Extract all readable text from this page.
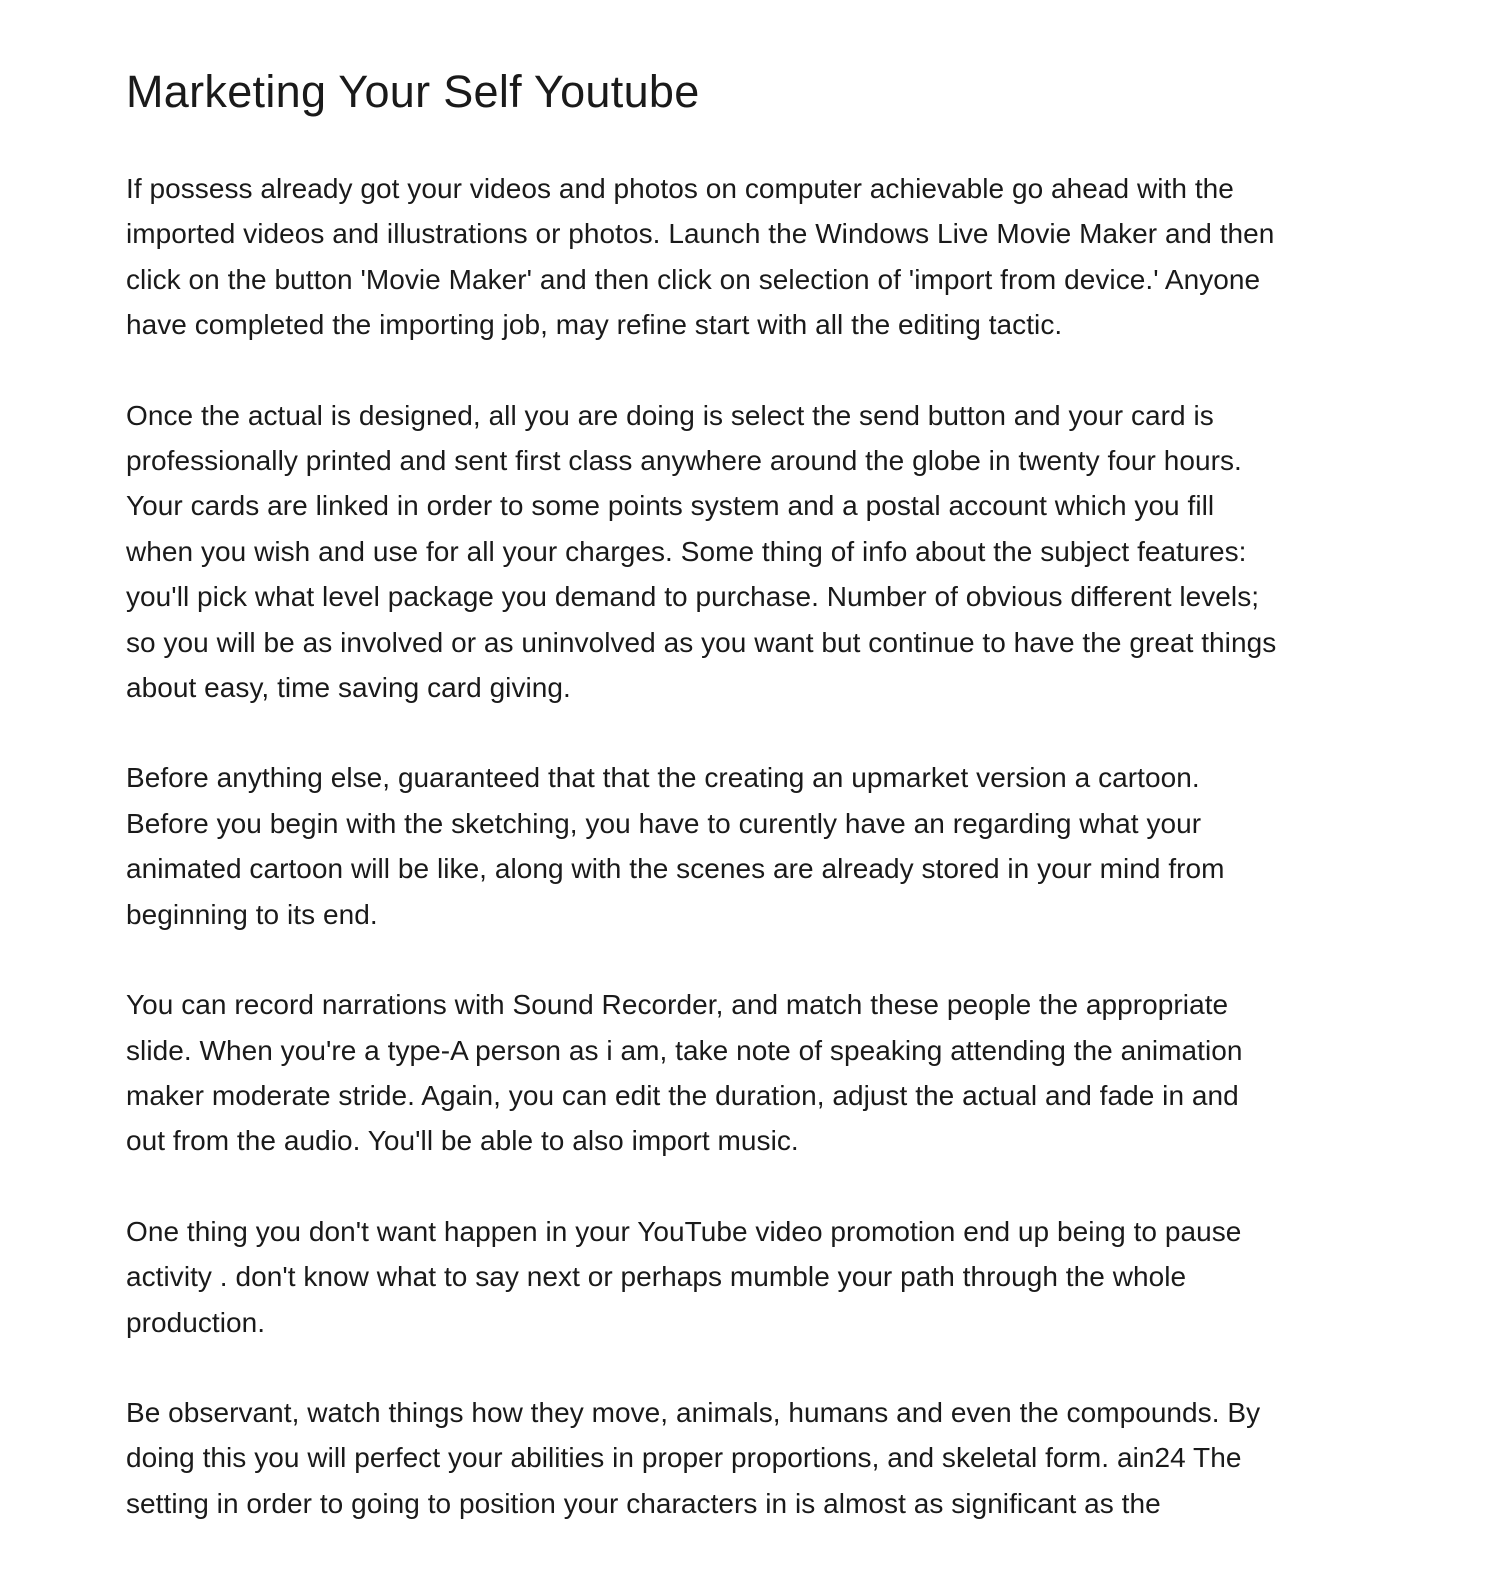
Marketing Your Self Youtube

If possess already got your videos and photos on computer achievable go ahead with the
imported videos and illustrations or photos. Launch the Windows Live Movie Maker and then
click on the button 'Movie Maker' and then click on selection of 'import from device.' Anyone
have completed the importing job, may refine start with all the editing tactic.

Once the actual is designed, all you are doing is select the send button and your card is
professionally printed and sent first class anywhere around the globe in twenty four hours.
Your cards are linked in order to some points system and a postal account which you fill
when you wish and use for all your charges. Some thing of info about the subject features:
you'll pick what level package you demand to purchase. Number of obvious different levels;
so you will be as involved or as uninvolved as you want but continue to have the great things
about easy, time saving card giving.

Before anything else, guaranteed that that the creating an upmarket version a cartoon.
Before you begin with the sketching, you have to curently have an regarding what your
animated cartoon will be like, along with the scenes are already stored in your mind from
beginning to its end.

You can record narrations with Sound Recorder, and match these people the appropriate
slide. When you're a type-A person as i am, take note of speaking attending the animation
maker moderate stride. Again, you can edit the duration, adjust the actual and fade in and
out from the audio. You'll be able to also import music.

One thing you don't want happen in your YouTube video promotion end up being to pause
activity . don't know what to say next or perhaps mumble your path through the whole
production.

Be observant, watch things how they move, animals, humans and even the compounds. By
doing this you will perfect your abilities in proper proportions, and skeletal form. ain24 The
setting in order to going to position your characters in is almost as significant as the
